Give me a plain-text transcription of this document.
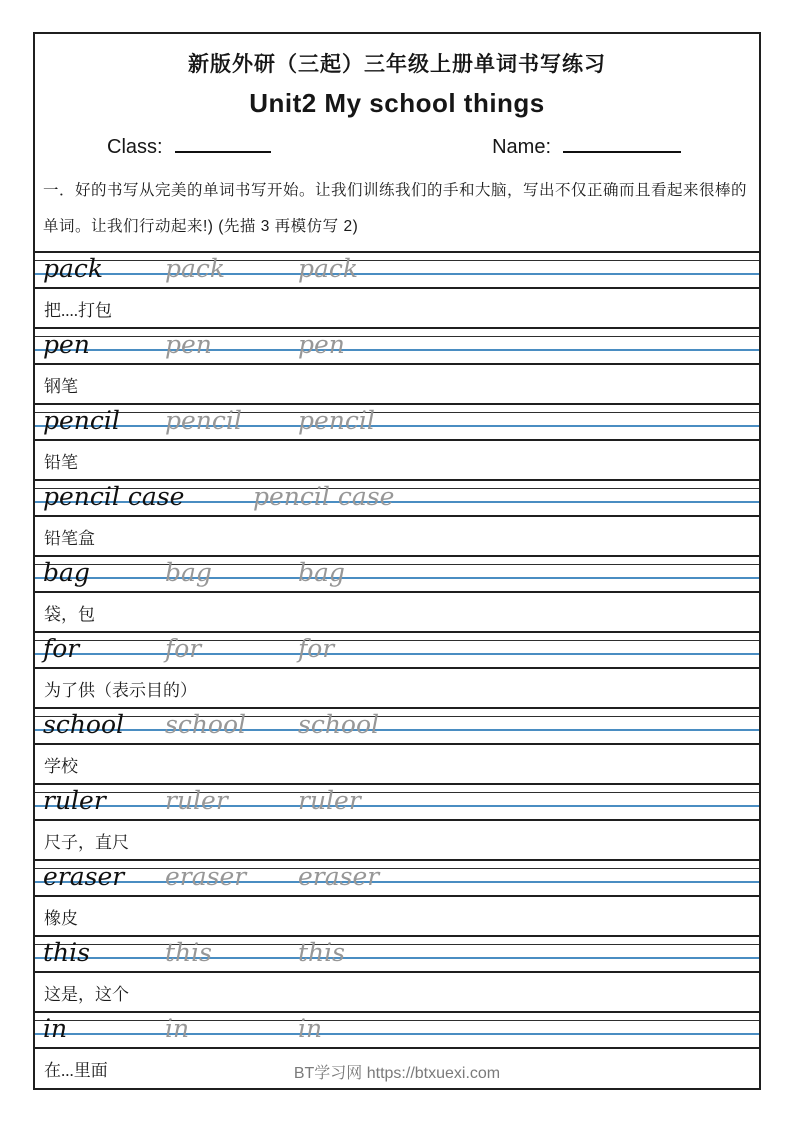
新版外研（三起）三年级上册单词书写练习
Unit2 My school things
Class:	Name:
一．好的书写从完美的单词书写开始。让我们训练我们的手和大脑，写出不仅正确而且看起来很棒的单词。让我们行动起来!) (先描 3 再模仿写 2)
pack pack	pack
把....打包
pen	pen	pen
钢笔
pencil pencil pencil
铅笔
pencil case	pencil case
铅笔盒
bag	bag	bag
袋，包
for	for	for
为了供（表示目的）
school school school
学校
ruler ruler	ruler
尺子，直尺
eraser eraser eraser
橡皮
this	this	this
这是，这个
in	in	in
在...里面	BT学习网 https://btxuexi.com
